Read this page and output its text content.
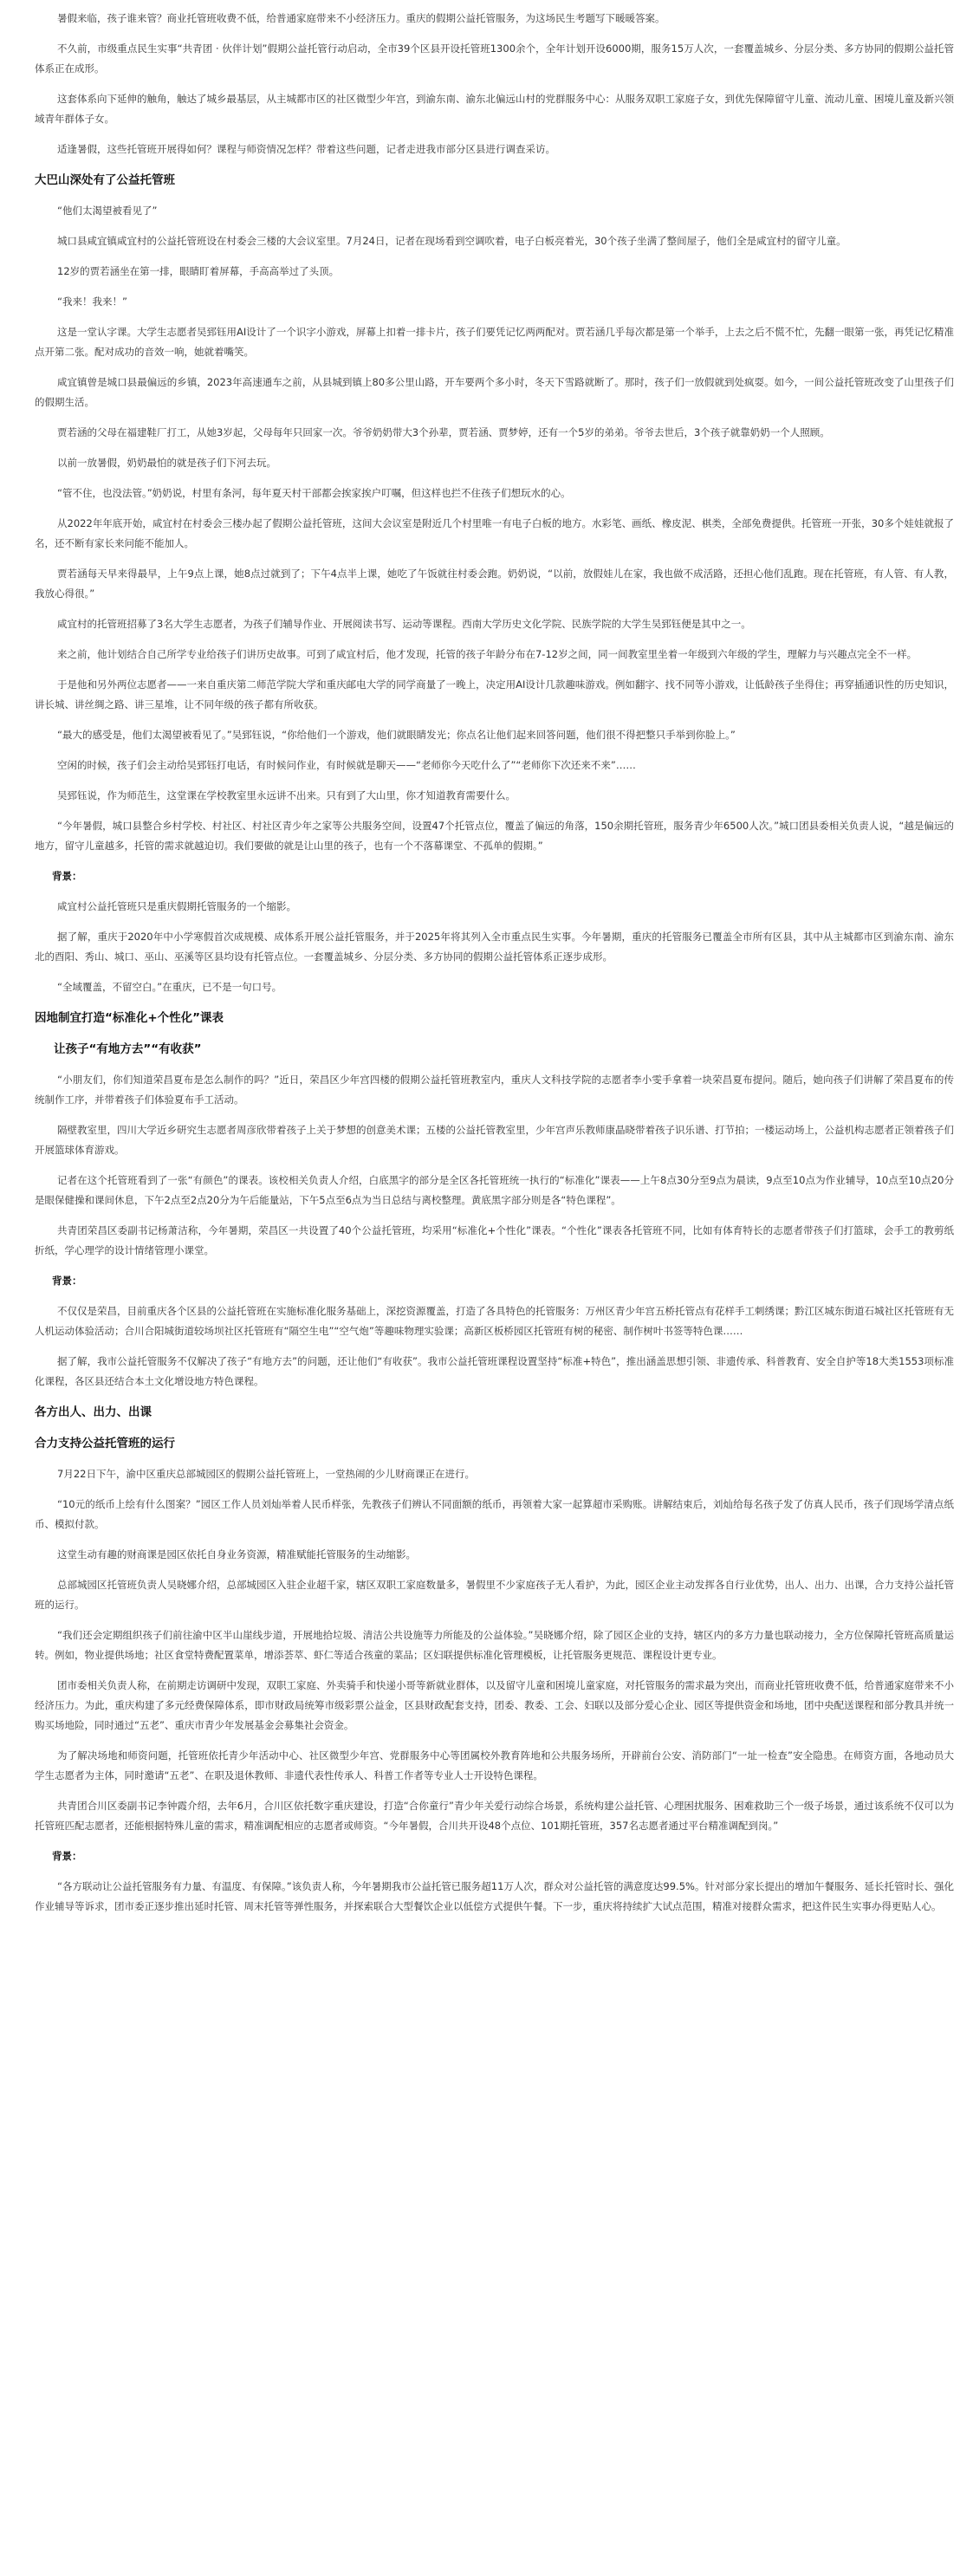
暑假来临，孩子谁来管？商业托管班收费不低，给普通家庭带来不小经济压力。重庆的假期公益托管服务，为这场民生考题写下暖暖答案。

不久前，市级重点民生实事“共青团 · 伙伴计划”假期公益托管行动启动，全市39个区县开设托管班1300余个，全年计划开设6000期，服务15万人次，一套覆盖城乡、分层分类、多方协同的假期公益托管体系正在成形。

这套体系向下延伸的触角，触达了城乡最基层，从主城都市区的社区微型少年宫，到渝东南、渝东北偏远山村的党群服务中心：从服务双职工家庭子女，到优先保障留守儿童、流动儿童、困境儿童及新兴领域青年群体子女。

适逢暑假，这些托管班开展得如何？课程与师资情况怎样？带着这些问题，记者走进我市部分区县进行调查采访。

大巴山深处有了公益托管班

“他们太渴望被看见了”

城口县咸宜镇咸宜村的公益托管班设在村委会三楼的大会议室里。7月24日，记者在现场看到空调吹着，电子白板亮着光，30个孩子坐满了整间屋子，他们全是咸宜村的留守儿童。

12岁的贾若涵坐在第一排，眼睛盯着屏幕，手高高举过了头顶。

“我来！我来！”

这是一堂认字课。大学生志愿者吴郅钰用AI设计了一个识字小游戏，屏幕上扣着一排卡片，孩子们要凭记忆两两配对。贾若涵几乎每次都是第一个举手，上去之后不慌不忙，先翻一眼第一张，再凭记忆精准点开第二张。配对成功的音效一响，她就着嘴笑。

咸宜镇曾是城口县最偏远的乡镇，2023年高速通车之前，从县城到镇上80多公里山路，开车要两个多小时，冬天下雪路就断了。那时，孩子们一放假就到处疯耍。如今，一间公益托管班改变了山里孩子们的假期生活。

贾若涵的父母在福建鞋厂打工，从她3岁起，父母每年只回家一次。爷爷奶奶带大3个孙辈，贾若涵、贾梦婷，还有一个5岁的弟弟。爷爷去世后，3个孩子就靠奶奶一个人照顾。

以前一放暑假，奶奶最怕的就是孩子们下河去玩。

“管不住，也没法管。”奶奶说，村里有条河，每年夏天村干部都会挨家挨户叮嘱，但这样也拦不住孩子们想玩水的心。

从2022年年底开始，咸宜村在村委会三楼办起了假期公益托管班，这间大会议室是附近几个村里唯一有电子白板的地方。水彩笔、画纸、橡皮泥、棋类，全部免费提供。托管班一开张，30多个娃娃就报了名，还不断有家长来问能不能加人。

贾若涵每天早来得最早，上午9点上课，她8点过就到了；下午4点半上课，她吃了午饭就往村委会跑。奶奶说，“以前，放假娃儿在家，我也做不成活路，还担心他们乱跑。现在托管班，有人管、有人教，我放心得很。”

咸宜村的托管班招募了3名大学生志愿者，为孩子们辅导作业、开展阅读书写、运动等课程。西南大学历史文化学院、民族学院的大学生吴郅钰便是其中之一。

来之前，他计划结合自己所学专业给孩子们讲历史故事。可到了咸宜村后，他才发现，托管的孩子年龄分布在7-12岁之间，同一间教室里坐着一年级到六年级的学生，理解力与兴趣点完全不一样。

于是他和另外两位志愿者——一来自重庆第二师范学院大学和重庆邮电大学的同学商量了一晚上，决定用AI设计几款趣味游戏。例如翻字、找不同等小游戏，让低龄孩子坐得住；再穿插通识性的历史知识，讲长城、讲丝绸之路、讲三星堆，让不同年级的孩子都有所收获。

“最大的感受是，他们太渴望被看见了。”吴郅钰说，“你给他们一个游戏，他们就眼睛发光；你点名让他们起来回答问题，他们很不得把整只手举到你脸上。”

空闲的时候，孩子们会主动给吴郅钰打电话，有时候问作业，有时候就是聊天——“老师你今天吃什么了”“老师你下次还来不来”……

吴郅钰说，作为师范生，这堂课在学校教室里永远讲不出来。只有到了大山里，你才知道教育需要什么。

“今年暑假，城口县整合乡村学校、村社区、村社区青少年之家等公共服务空间，设置47个托管点位，覆盖了偏远的角落，150余期托管班，服务青少年6500人次。”城口团县委相关负责人说，“越是偏远的地方，留守儿童越多，托管的需求就越迫切。我们要做的就是让山里的孩子，也有一个不落幕课堂、不孤单的假期。”

背景：

咸宜村公益托管班只是重庆假期托管服务的一个缩影。

据了解，重庆于2020年中小学寒假首次成规模、成体系开展公益托管服务，并于2025年将其列入全市重点民生实事。今年暑期，重庆的托管服务已覆盖全市所有区县，其中从主城都市区到渝东南、渝东北的酉阳、秀山、城口、巫山、巫溪等区县均设有托管点位。一套覆盖城乡、分层分类、多方协同的假期公益托管体系正逐步成形。

“全域覆盖，不留空白。”在重庆，已不是一句口号。

因地制宜打造“标准化+个性化”课表
让孩子“有地方去”“有收获”

“小朋友们，你们知道荣昌夏布是怎么制作的吗？”近日，荣昌区少年宫四楼的假期公益托管班教室内，重庆人文科技学院的志愿者李小雯手拿着一块荣昌夏布提问。随后，她向孩子们讲解了荣昌夏布的传统制作工序，并带着孩子们体验夏布手工活动。

隔壁教室里，四川大学近乡研究生志愿者周彦欣带着孩子上关于梦想的创意美术课；五楼的公益托管教室里，少年宫声乐教师康晶晓带着孩子识乐谱、打节拍；一楼运动场上，公益机构志愿者正领着孩子们开展篮球体育游戏。

记者在这个托管班看到了一张“有颜色”的课表。该校相关负责人介绍，白底黑字的部分是全区各托管班统一执行的“标准化”课表——上午8点30分至9点为晨读，9点至10点为作业辅导，10点至10点20分是眼保健操和课间休息，下午2点至2点20分为午后能量站，下午5点至6点为当日总结与离校整理。黄底黑字部分则是各“特色课程”。

共青团荣昌区委副书记杨萧洁称，今年暑期，荣昌区一共设置了40个公益托管班，均采用“标准化+个性化”课表。“个性化”课表各托管班不同，比如有体育特长的志愿者带孩子们打篮球，会手工的教剪纸折纸，学心理学的设计情绪管理小课堂。

背景：

不仅仅是荣昌，目前重庆各个区县的公益托管班在实施标准化服务基础上，深挖资源覆盖，打造了各具特色的托管服务：万州区青少年宫五桥托管点有花样手工刺绣课；黔江区城东街道石城社区托管班有无人机运动体验活动；合川合阳城街道较场坝社区托管班有“隔空生电”“空气炮”等趣味物理实验课；高新区板桥园区托管班有树的秘密、制作树叶书签等特色课……

据了解，我市公益托管服务不仅解决了孩子“有地方去”的问题，还让他们“有收获”。我市公益托管班课程设置坚持“标准+特色”，推出涵盖思想引领、非遗传承、科普教育、安全自护等18大类1553项标准化课程，各区县还结合本土文化增设地方特色课程。

各方出人、出力、出课
合力支持公益托管班的运行

7月22日下午，渝中区重庆总部城园区的假期公益托管班上，一堂热闹的少儿财商课正在进行。

“10元的纸币上绘有什么图案？”园区工作人员刘灿举着人民币样张，先教孩子们辨认不同面额的纸币，再领着大家一起算超市采购账。讲解结束后，刘灿给每名孩子发了仿真人民币，孩子们现场学清点纸币、模拟付款。

这堂生动有趣的财商课是园区依托自身业务资源，精准赋能托管服务的生动缩影。

总部城园区托管班负责人吴晓娜介绍，总部城园区入驻企业超千家，辖区双职工家庭数量多，暑假里不少家庭孩子无人看护，为此，园区企业主动发挥各自行业优势，出人、出力、出课，合力支持公益托管班的运行。

“我们还会定期组织孩子们前往渝中区半山崖线步道，开展地拾垃圾、清洁公共设施等力所能及的公益体验。”吴晓娜介绍，除了园区企业的支持，辖区内的多方力量也联动接力，全方位保障托管班高质量运转。例如，物业提供场地；社区食堂特费配置菜单，增添荟萃、虾仁等适合孩童的菜品；区妇联提供标准化管理模板，让托管服务更规范、课程设计更专业。

团市委相关负责人称，在前期走访调研中发现，双职工家庭、外卖骑手和快递小哥等新就业群体，以及留守儿童和困境儿童家庭，对托管服务的需求最为突出，而商业托管班收费不低，给普通家庭带来不小经济压力。为此，重庆构建了多元经费保障体系，即市财政局统筹市级彩票公益金，区县财政配套支持，团委、教委、工会、妇联以及部分爱心企业、园区等提供资金和场地，团中央配送课程和部分教具并统一购买场地险，同时通过“五老”、重庆市青少年发展基金会募集社会资金。

为了解决场地和师资问题，托管班依托青少年活动中心、社区微型少年宫、党群服务中心等团属校外教育阵地和公共服务场所，开辟前台公安、消防部门“一址一检查”安全隐患。在师资方面，各地动员大学生志愿者为主体，同时邀请“五老”、在职及退休教师、非遗代表性传承人、科普工作者等专业人士开设特色课程。

共青团合川区委副书记李钟霞介绍，去年6月，合川区依托数字重庆建设，打造“合你童行”青少年关爱行动综合场景，系统构建公益托管、心理困扰服务、困难救助三个一级子场景，通过该系统不仅可以为托管班匹配志愿者，还能根据特殊儿童的需求，精准调配相应的志愿者或师资。“今年暑假，合川共开设48个点位、101期托管班，357名志愿者通过平台精准调配到岗。”

背景：

“各方联动让公益托管服务有力量、有温度、有保障。”该负责人称，今年暑期我市公益托管已服务超11万人次，群众对公益托管的满意度达99.5%。针对部分家长提出的增加午餐服务、延长托管时长、强化作业辅导等诉求，团市委正逐步推出延时托管、周末托管等弹性服务，并探索联合大型餐饮企业以低偿方式提供午餐。下一步，重庆将持续扩大试点范围，精准对接群众需求，把这件民生实事办得更贴人心。
